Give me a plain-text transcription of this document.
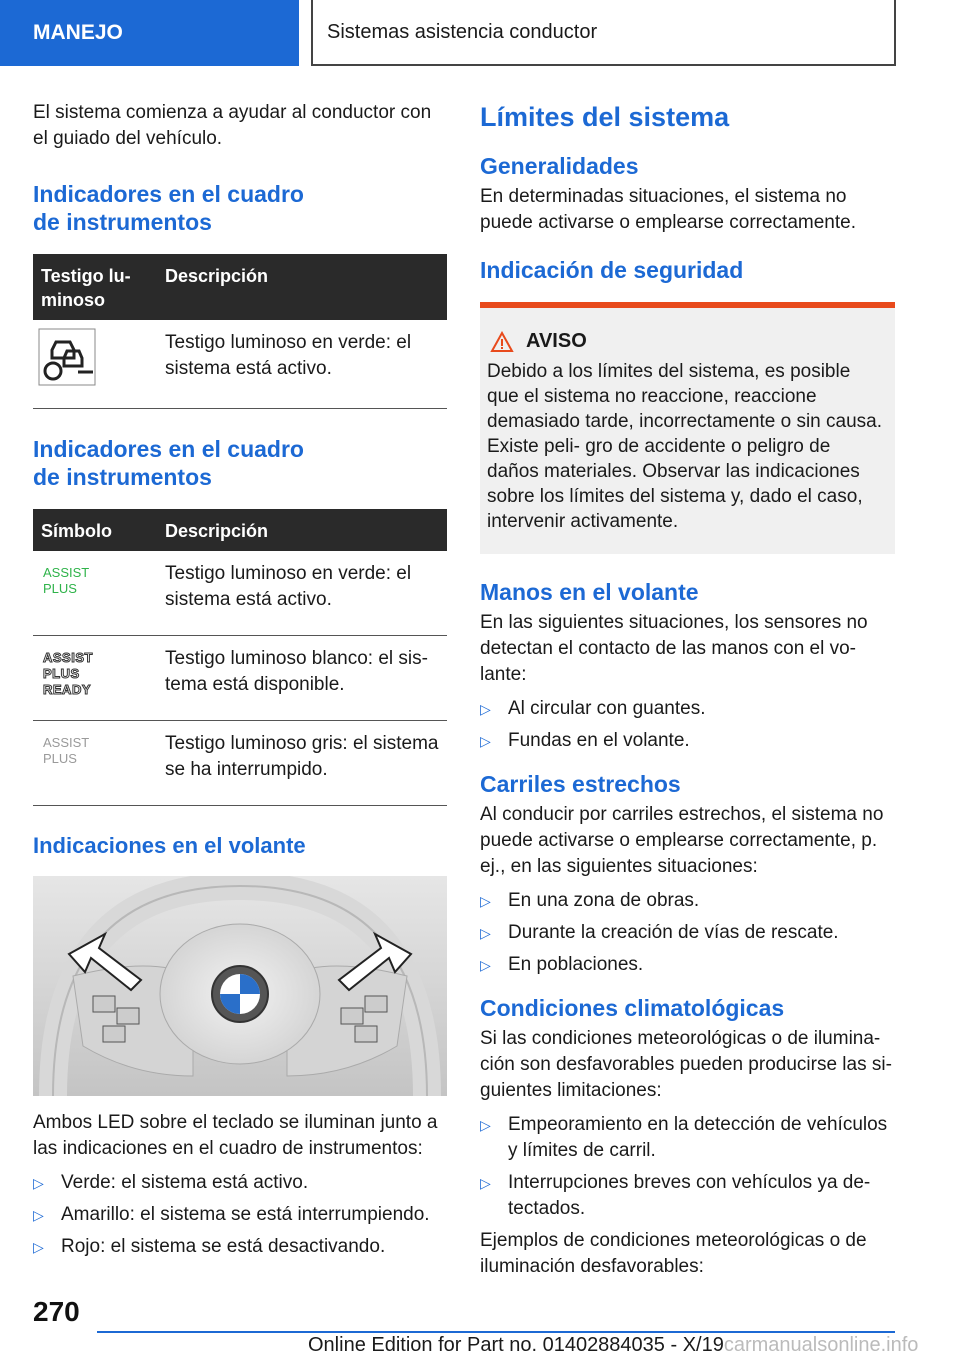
MANEJO	Sistemas asistencia conductor

El sistema comienza a ayudar al conductor con el guiado del vehículo.

Indicadores en el cuadro de instrumentos
Testigo lu‐ minoso	Descripción
	Testigo luminoso en verde: el sistema está activo.
Indicadores en el cuadro de instrumentos
Símbolo	Descripción

ASSIST
PLUS	Testigo luminoso en verde: el sistema está activo.

ASSIST
PLUS
READY	Testigo luminoso blanco: el sis‐ tema está disponible.

ASSIST
PLUS	Testigo luminoso gris: el sistema se ha interrumpido.
Indicaciones en el volante

Ambos LED sobre el teclado se iluminan junto a las indicaciones en el cuadro de instrumentos:

▷ Verde: el sistema está activo.
▷ Amarillo: el sistema se está interrumpiendo.
▷ Rojo: el sistema se está desactivando.
Límites del sistema
Generalidades

En determinadas situaciones, el sistema no puede activarse o emplearse correctamente.

Indicación de seguridad
AVISO

Debido a los límites del sistema, es posible que el sistema no reaccione, reaccione demasiado tarde, incorrectamente o sin causa. Existe peli‐ gro de accidente o peligro de daños materiales. Observar las indicaciones sobre los límites del sistema y, dado el caso, intervenir activamente.

Manos en el volante

En las siguientes situaciones, los sensores no detectan el contacto de las manos con el vo‐ lante:

▷ Al circular con guantes.
▷ Fundas en el volante.
Carriles estrechos

Al conducir por carriles estrechos, el sistema no puede activarse o emplearse correctamente, p. ej., en las siguientes situaciones:

▷ En una zona de obras.
▷ Durante la creación de vías de rescate.
▷ En poblaciones.
Condiciones climatológicas

Si las condiciones meteorológicas o de ilumina‐ ción son desfavorables pueden producirse las si‐ guientes limitaciones:

▷ Empeoramiento en la detección de vehículos y límites de carril.
▷ Interrupciones breves con vehículos ya de‐ tectados.

Ejemplos de condiciones meteorológicas o de iluminación desfavorables:

270
Online Edition for Part no. 01402884035 - X/19carmanualsonline.info
